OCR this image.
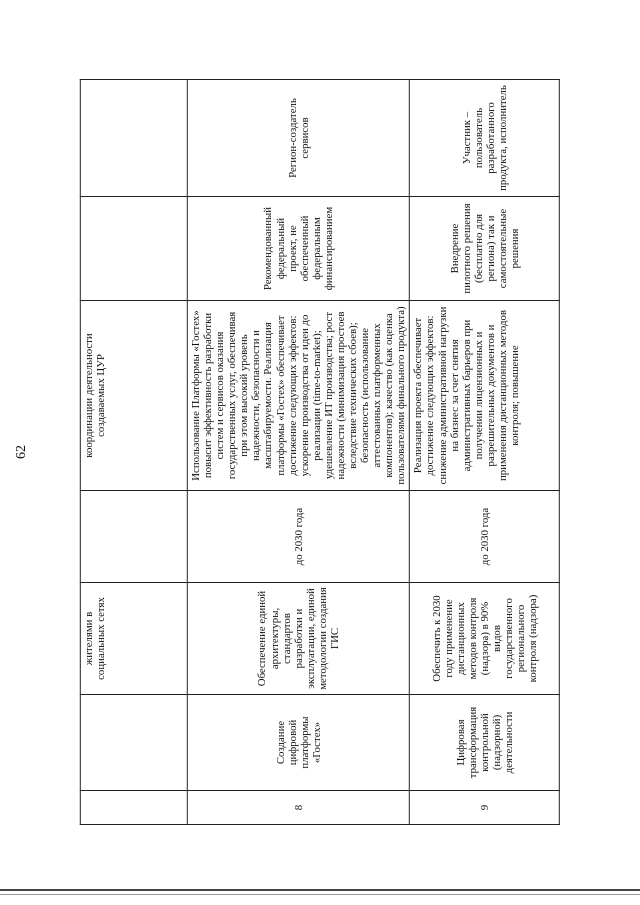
62
		жителями в социальных сетях		координации деятельности создаваемых ЦУР		
8	Создание цифровой платформы «Гостех»	Обеспечение единой архитектуры, стандартов разработки и эксплуатации, единой методологии создания ГИС	до 2030 года	Использование Платформы «Гостех» повысит эффективность разработки систем и сервисов оказания государственных услуг, обеспечивая при этом высокий уровень надежности, безопасности и масштабируемости. Реализация платформы «Гостех» обеспечивает достижение следующих эффектов: ускорение производства от идеи до реализации (time-to-market); удешевление ИТ производства; рост надежности (минимизация простоев вследствие технических сбоев); безопасность (использование аттестованных платформенных компонентов); качество (как оценка пользователями финального продукта)	Рекомендованный федеральный проект, не обеспеченный федеральным финансированием	Регион-создатель сервисов
9	Цифровая трансформация контрольной (надзорной) деятельности	Обеспечить к 2030 году применение дистанционных методов контроля (надзора) в 90% видов государственного регионального контроля (надзора)	до 2030 года	Реализация проекта обеспечивает достижение следующих эффектов: снижение административной нагрузки на бизнес за счет снятия административных барьеров при получении лицензионных и разрешительных документов и применения дистанционных методов контроля; повышение	Внедрение пилотного решения (бесплатно для региона) так и самостоятельные решения	Участник – пользователь разработанного продукта, исполнитель
